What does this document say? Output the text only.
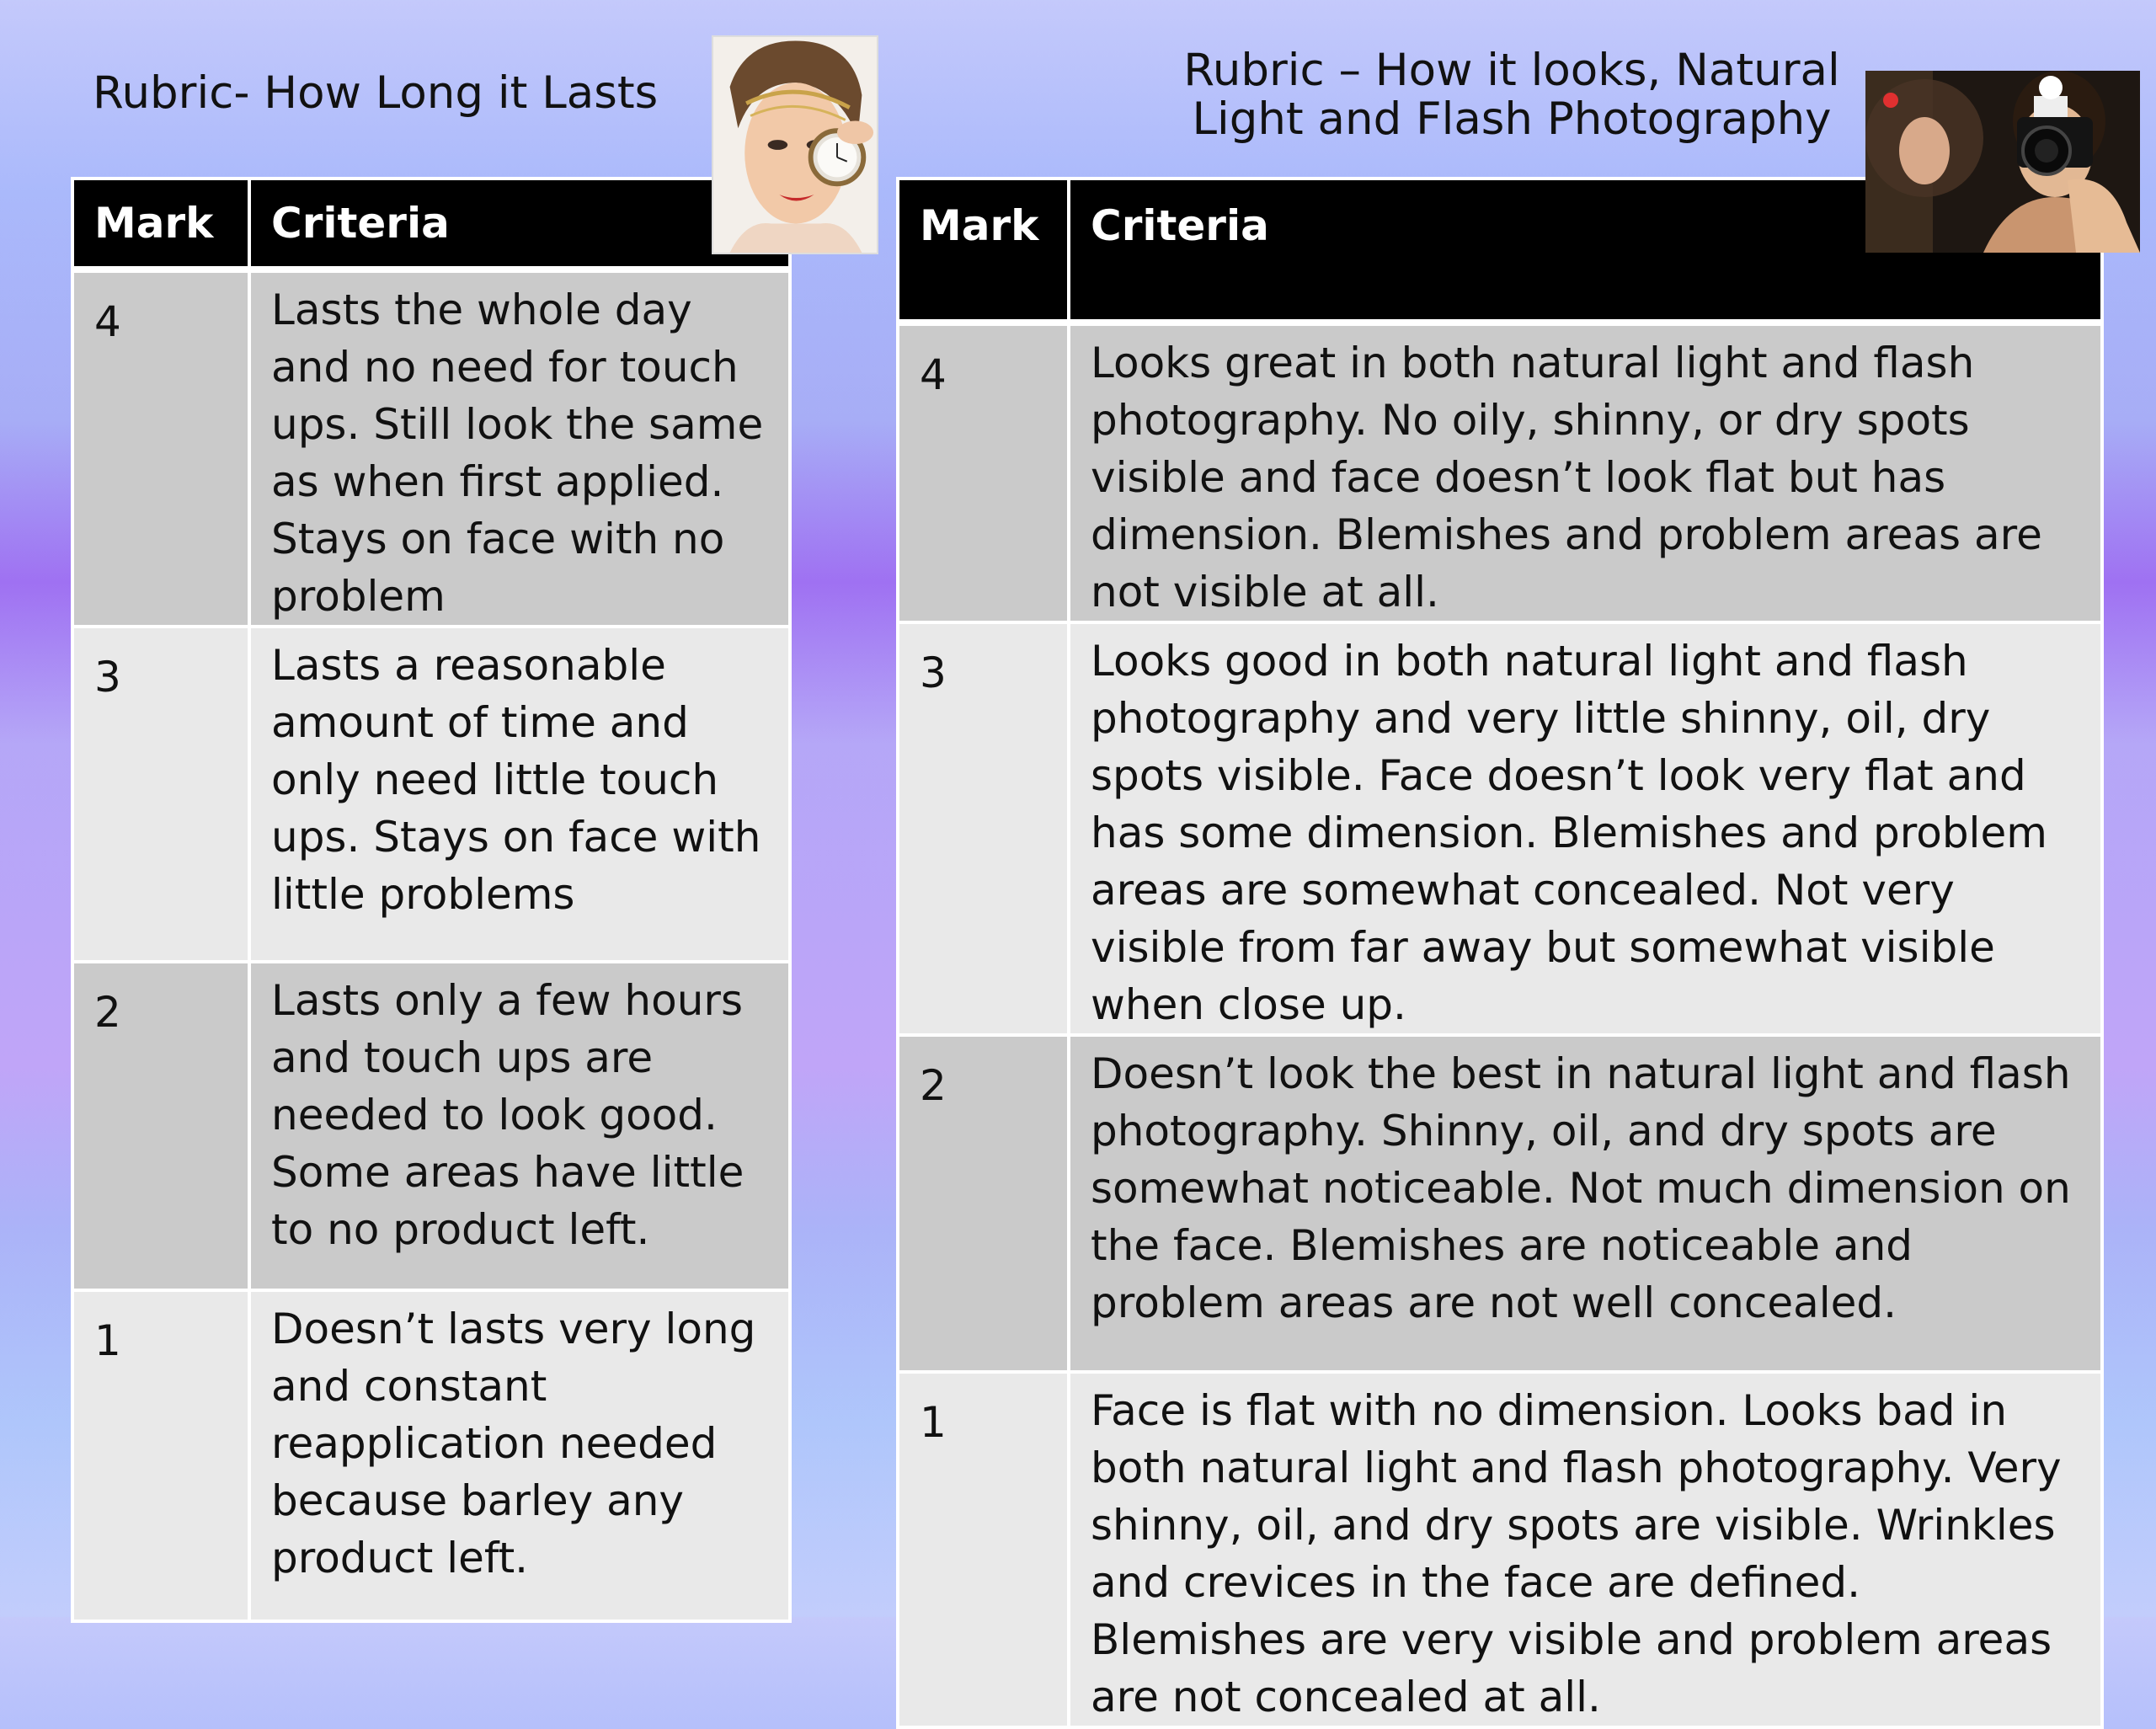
Rubric- How Long it Lasts	Rubric – How it looks, Natural Light and Flash Photography
Mark	Criteria
4	Lasts the whole day and no need for touch ups. Still look the same as when first applied. Stays on face with no problem
3	Lasts a reasonable amount of time and only need little touch ups. Stays on face with little problems
2	Lasts only a few hours and touch ups are needed to look good. Some areas have little to no product left.
1	Doesn’t lasts very long and constant reapplication needed because barley any product left.
Mark	Criteria
4	Looks great in both natural light and flash photography. No oily, shinny, or dry spots visible and face doesn’t look flat but has dimension. Blemishes and problem areas are not visible at all.
3	Looks good in both natural light and flash photography and very little shinny, oil, dry spots visible. Face doesn’t look very flat and has some dimension. Blemishes and problem areas are somewhat concealed. Not very visible from far away but somewhat visible when close up.
2	Doesn’t look the best in natural light and flash photography. Shinny, oil, and dry spots are somewhat noticeable. Not much dimension on the face. Blemishes are noticeable and problem areas are not well concealed.
1	Face is flat with no dimension. Looks bad in both natural light and flash photography. Very shinny, oil, and dry spots are visible. Wrinkles and crevices in the face are defined. Blemishes are very visible and problem areas are not concealed at all.
